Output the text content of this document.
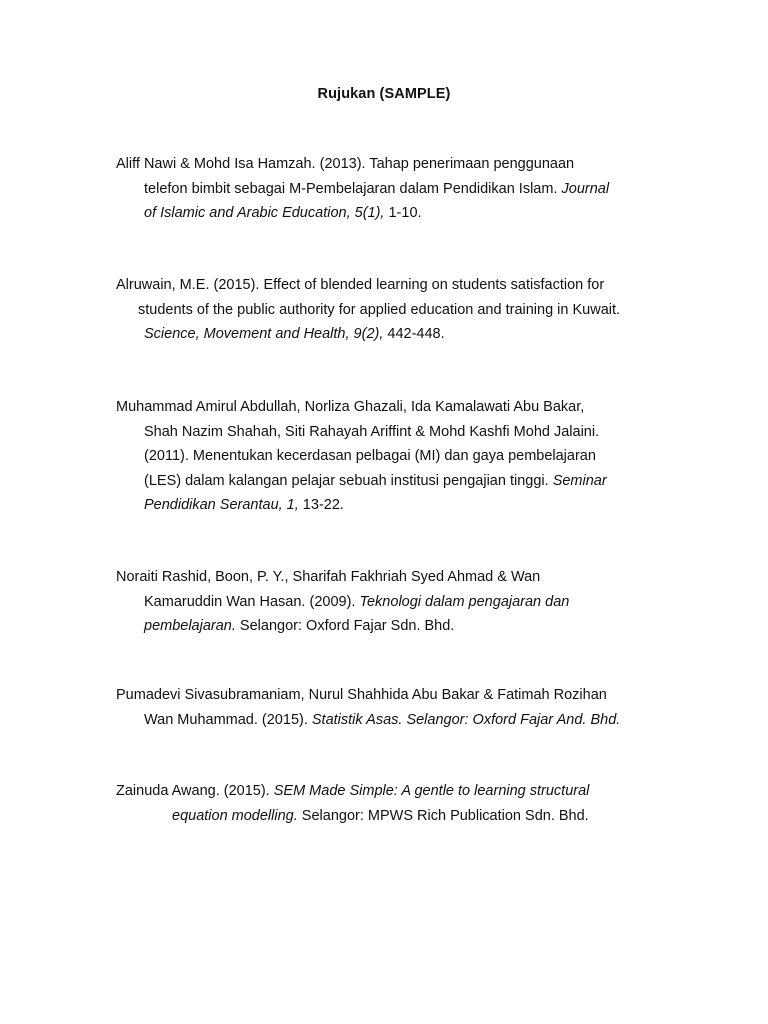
Rujukan (SAMPLE)
Aliff Nawi & Mohd Isa Hamzah. (2013). Tahap penerimaan penggunaan
telefon bimbit sebagai M-Pembelajaran dalam Pendidikan Islam. Journal
of Islamic and Arabic Education, 5(1), 1-10.
Alruwain, M.E. (2015). Effect of blended learning on students satisfaction for
students of the public authority for applied education and training in Kuwait.
Science, Movement and Health, 9(2), 442-448.
Muhammad Amirul Abdullah, Norliza Ghazali, Ida Kamalawati Abu Bakar,
Shah Nazim Shahah, Siti Rahayah Ariffint & Mohd Kashfi Mohd Jalaini.
(2011). Menentukan kecerdasan pelbagai (MI) dan gaya pembelajaran
(LES) dalam kalangan pelajar sebuah institusi pengajian tinggi. Seminar
Pendidikan Serantau, 1, 13-22.
Noraiti Rashid, Boon, P. Y., Sharifah Fakhriah Syed Ahmad & Wan
Kamaruddin Wan Hasan. (2009). Teknologi dalam pengajaran dan
pembelajaran. Selangor: Oxford Fajar Sdn. Bhd.
Pumadevi Sivasubramaniam, Nurul Shahhida Abu Bakar & Fatimah Rozihan
Wan Muhammad. (2015). Statistik Asas. Selangor: Oxford Fajar And. Bhd.
Zainuda Awang. (2015). SEM Made Simple: A gentle to learning structural
equation modelling. Selangor: MPWS Rich Publication Sdn. Bhd.
